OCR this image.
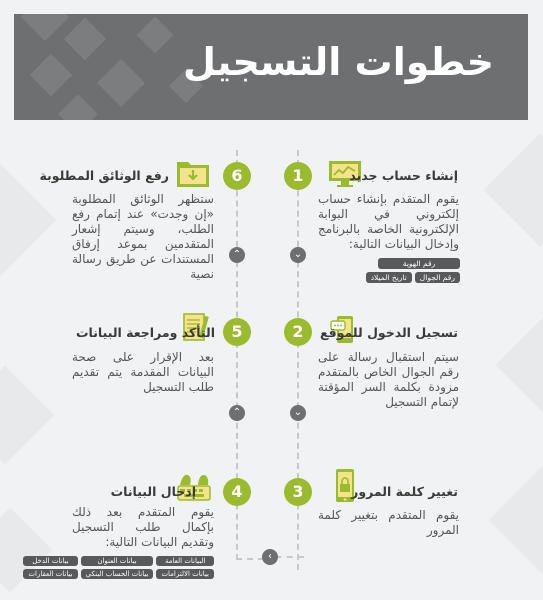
خطوات التسجيل
1	إنشاء حساب جديد
يقوم المتقدم بإنشاء حساب إلكتروني في البوابة الإلكترونية الخاصة بالبرنامج وإدخال البيانات التالية:
رقم الهوية
رقم الجوال
تاريخ الميلاد
6
رفع الوثائق المطلوبة
ستظهر الوثائق المطلوبة «إن وجدت» عند إتمام رفع الطلب، وسيتم إشعار المتقدمين بموعد إرفاق المستندات عن طريق رسالة نصية
⌄
⌃
2	تسجيل الدخول للموقع
سيتم استقبال رسالة على رقم الجوال الخاص بالمتقدم مزودة بكلمة السر المؤقتة لإتمام التسجيل
5
التأكد ومراجعة البيانات
بعد الإقرار على صحة البيانات المقدمة يتم تقديم طلب التسجيل
⌄
⌃
3	تغيير كلمة المرور
يقوم المتقدم بتغيير كلمة المرور
4
إدخال البيانات
يقوم المتقدم بعد ذلك بإكمال طلب التسجيل وتقديم البيانات التالية:
البيانات العامة
بيانات العنوان
بيانات الدخل
بيانات الالتزامات
بيانات الحساب البنكي
بيانات العقارات
‹
